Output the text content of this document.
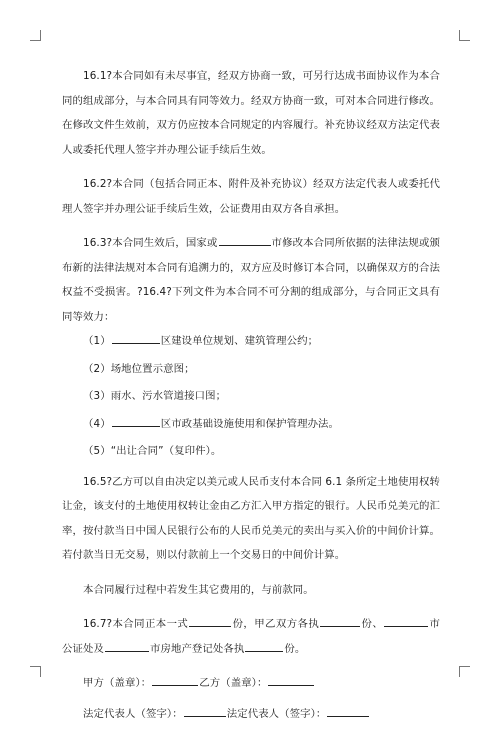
16.1?本合同如有未尽事宜，经双方协商一致，可另行达成书面协议作为本合同的组成部分，与本合同具有同等效力。经双方协商一致，可对本合同进行修改。在修改文件生效前，双方仍应按本合同规定的内容履行。补充协议经双方法定代表人或委托代理人签字并办理公证手续后生效。

16.2?本合同（包括合同正本、附件及补充协议）经双方法定代表人或委托代理人签字并办理公证手续后生效，公证费用由双方各自承担。

16.3?本合同生效后，国家或	市修改本合同所依据的法律法规或颁布新的法律法规对本合同有追溯力的，双方应及时修订本合同，以确保双方的合法权益不受损害。?16.4?下列文件为本合同不可分割的组成部分，与合同正文具有同等效力：

（1）	区建设单位规划、建筑管理公约；

（2）场地位置示意图；

（3）雨水、污水管道接口图；

（4）	区市政基础设施使用和保护管理办法。

（5）“出让合同”（复印件）。

16.5?乙方可以自由决定以美元或人民币支付本合同 6.1 条所定土地使用权转让金，该支付的土地使用权转让金由乙方汇入甲方指定的银行。人民币兑美元的汇率，按付款当日中国人民银行公布的人民币兑美元的卖出与买入价的中间价计算。若付款当日无交易，则以付款前上一个交易日的中间价计算。

本合同履行过程中若发生其它费用的，与前款同。

16.7?本合同正本一式	份，甲乙双方各执	份、	市公证处及	市房地产登记处各执	份。

甲方（盖章）：	乙方（盖章）：

法定代表人（签字）：	法定代表人（签字）：
